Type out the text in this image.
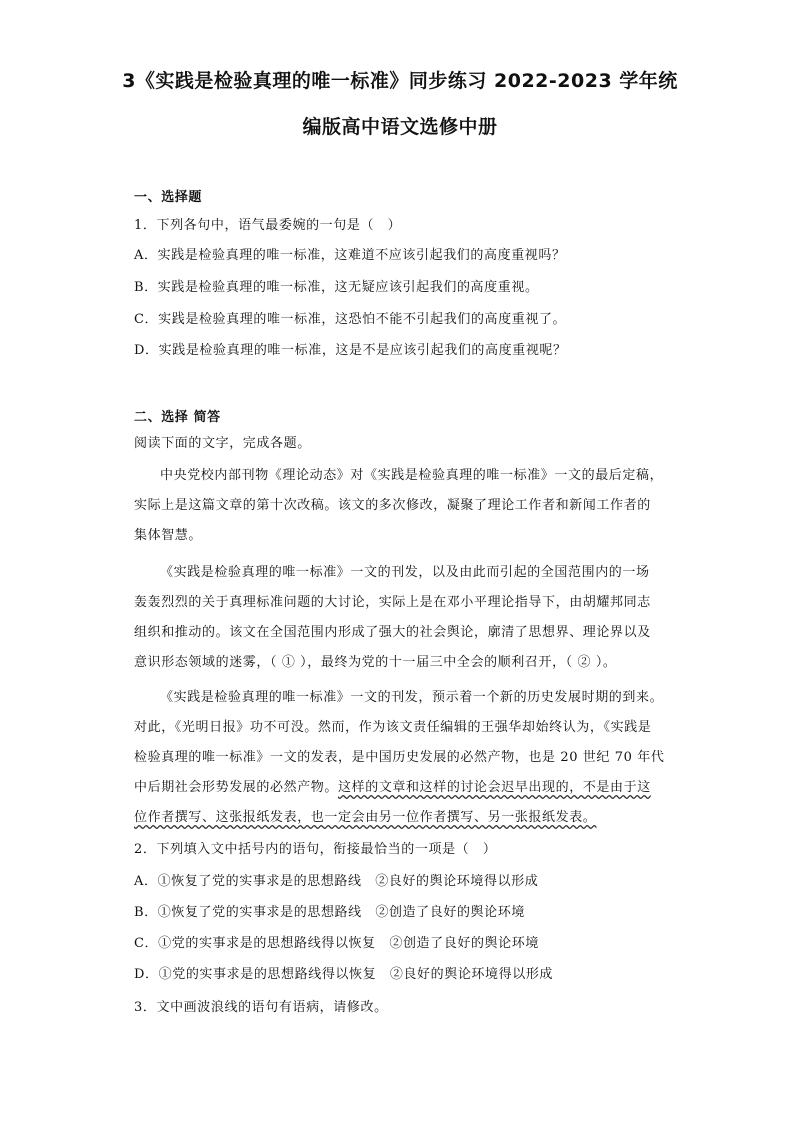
3《实践是检验真理的唯一标准》同步练习 2022-2023 学年统
编版高中语文选修中册
一、选择题
1．下列各句中，语气最委婉的一句是（　）
A．实践是检验真理的唯一标准，这难道不应该引起我们的高度重视吗？
B．实践是检验真理的唯一标准，这无疑应该引起我们的高度重视。
C．实践是检验真理的唯一标准，这恐怕不能不引起我们的高度重视了。
D．实践是检验真理的唯一标准，这是不是应该引起我们的高度重视呢？
二、选择 简答
阅读下面的文字，完成各题。
中央党校内部刊物《理论动态》对《实践是检验真理的唯一标准》一文的最后定稿，
实际上是这篇文章的第十次改稿。该文的多次修改，凝聚了理论工作者和新闻工作者的
集体智慧。
《实践是检验真理的唯一标准》一文的刊发，以及由此而引起的全国范围内的一场
轰轰烈烈的关于真理标准问题的大讨论，实际上是在邓小平理论指导下，由胡耀邦同志
组织和推动的。该文在全国范围内形成了强大的社会舆论，廓清了思想界、理论界以及
意识形态领域的迷雾，（ ① ），最终为党的十一届三中全会的顺利召开，（ ② ）。
《实践是检验真理的唯一标准》一文的刊发，预示着一个新的历史发展时期的到来。
对此，《光明日报》功不可没。然而，作为该文责任编辑的王强华却始终认为，《实践是
检验真理的唯一标准》一文的发表，是中国历史发展的必然产物，也是 20 世纪 70 年代
中后期社会形势发展的必然产物。这样的文章和这样的讨论会迟早出现的，不是由于这
位作者撰写、这张报纸发表，也一定会由另一位作者撰写、另一张报纸发表。
2．下列填入文中括号内的语句，衔接最恰当的一项是（　）
A．①恢复了党的实事求是的思想路线　②良好的舆论环境得以形成
B．①恢复了党的实事求是的思想路线　②创造了良好的舆论环境
C．①党的实事求是的思想路线得以恢复　②创造了良好的舆论环境
D．①党的实事求是的思想路线得以恢复　②良好的舆论环境得以形成
3．文中画波浪线的语句有语病，请修改。
